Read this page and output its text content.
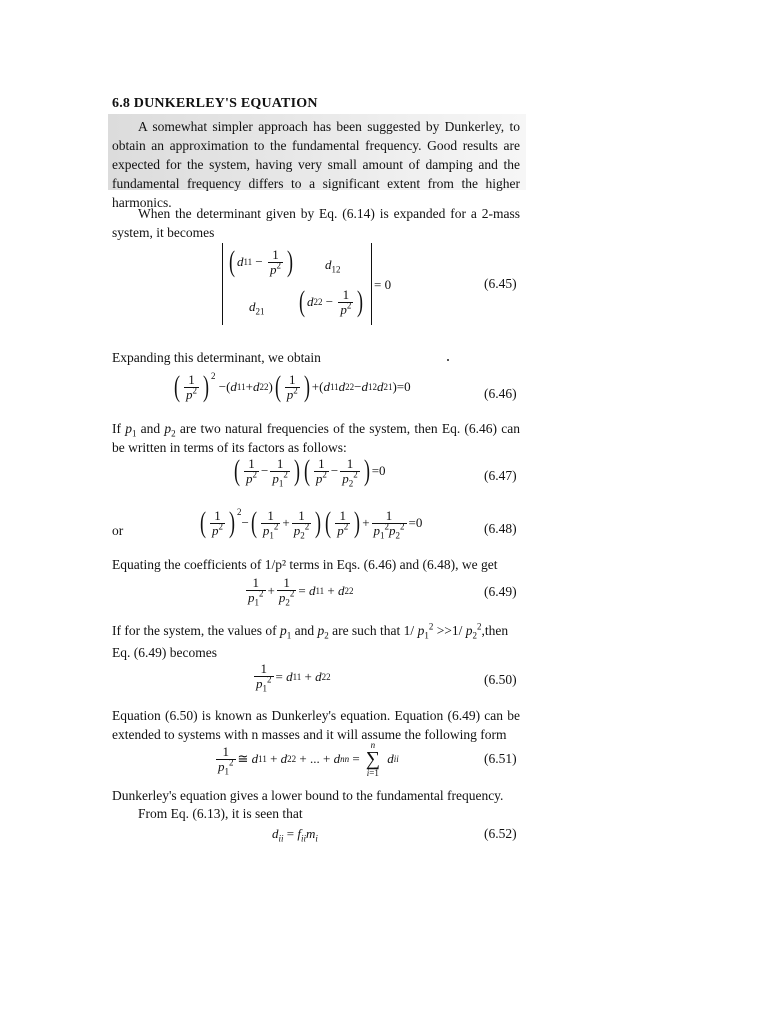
6.8 DUNKERLEY'S EQUATION
A somewhat simpler approach has been suggested by Dunkerley, to obtain an approximation to the fundamental frequency. Good results are expected for the system, having very small amount of damping and the fundamental frequency differs to a significant extent from the higher harmonics.
When the determinant given by Eq. (6.14) is expanded for a 2-mass system, it becomes
( d $11 - \frac{1}{p^2}$ ) $d_{12}$
$d_{21}$ ( d $22 - \frac{1}{p^2}$ )
= 0	(6.45)
Expanding this determinant, we obtain
( $\frac{1}{p^2}$ ) 2
−( d 11 + d 22 ) ( $\frac{1}{p^2}$ ) +( d 11 d 22 − d 12 d 21 )=0	(6.46)
If $p_1$ and $p_2$ are two natural frequencies of the system, then Eq. (6.46) can be written in terms of its factors as follows:
( $\frac{1}{p^2} - \frac{1}{p_1^2}$ ) ( $\frac{1}{p^2} - \frac{1}{p_2^2}$ ) =0	(6.47)
or	( $\frac{1}{p^2}$ ) 2
− ( $\frac{1}{p_1^2} + \frac{1}{p_2^2}$ ) ( $\frac{1}{p^2}$ ) + $\frac{1}{p_1^2p_2^2} =0$	(6.48)
Equating the coefficients of 1/p² terms in Eqs. (6.46) and (6.48), we get
$\frac{1}{p_1^2} + \frac{1}{p_2^2} = d$ 11 + d 22	(6.49)
If for the system, the values of $p_1$ and $p_2$ are such that 1/ $p_1^2 >>1/$ $p_2^2,then$
Eq. (6.49) becomes
$\frac{1}{p_1^2} = d$ 11 + d 22	(6.50)
Equation (6.50) is known as Dunkerley's equation. Equation (6.49) can be extended to systems with n masses and it will assume the following form
$\frac{1}{p_1^2}$ ≅ d 11 + d 22 + ... + d nn =
n
∑
i=1

d ii	(6.51)
Dunkerley's equation gives a lower bound to the fundamental frequency.
From Eq. (6.13), it is seen that
$d_{ii} = f_{ii}m_i$	(6.52)
